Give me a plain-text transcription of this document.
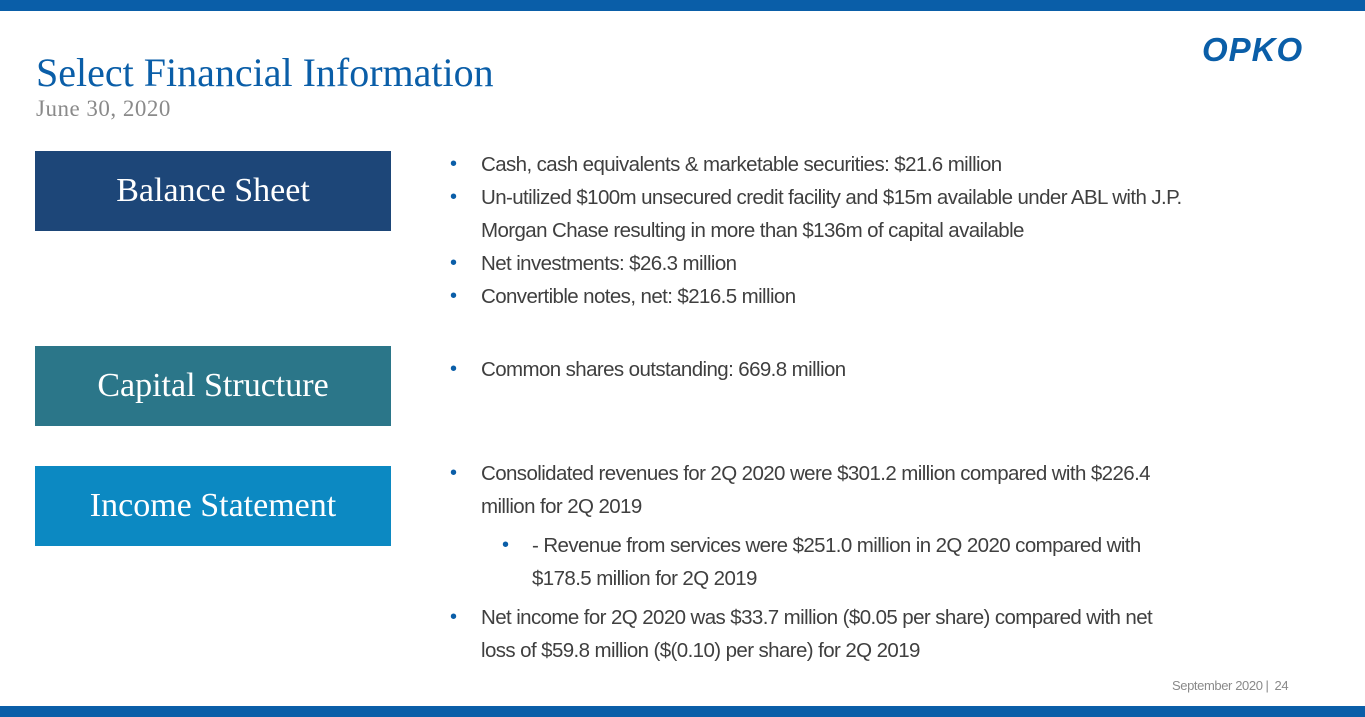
Select Financial Information
June 30, 2020
OPKO
Balance Sheet
Capital Structure
Income Statement
• Cash, cash equivalents & marketable securities: $21.6 million
• Un-utilized $100m unsecured credit facility and $15m available under ABL with J.P.
Morgan Chase resulting in more than $136m of capital available
• Net investments: $26.3 million
• Convertible notes, net: $216.5 million
• Common shares outstanding: 669.8 million
• Consolidated revenues for 2Q 2020 were $301.2 million compared with $226.4
million for 2Q 2019
• - Revenue from services were $251.0 million in 2Q 2020 compared with
$178.5 million for 2Q 2019
• Net income for 2Q 2020 was $33.7 million ($0.05 per share) compared with net
loss of $59.8 million ($(0.10) per share) for 2Q 2019
September 2020 | 24
